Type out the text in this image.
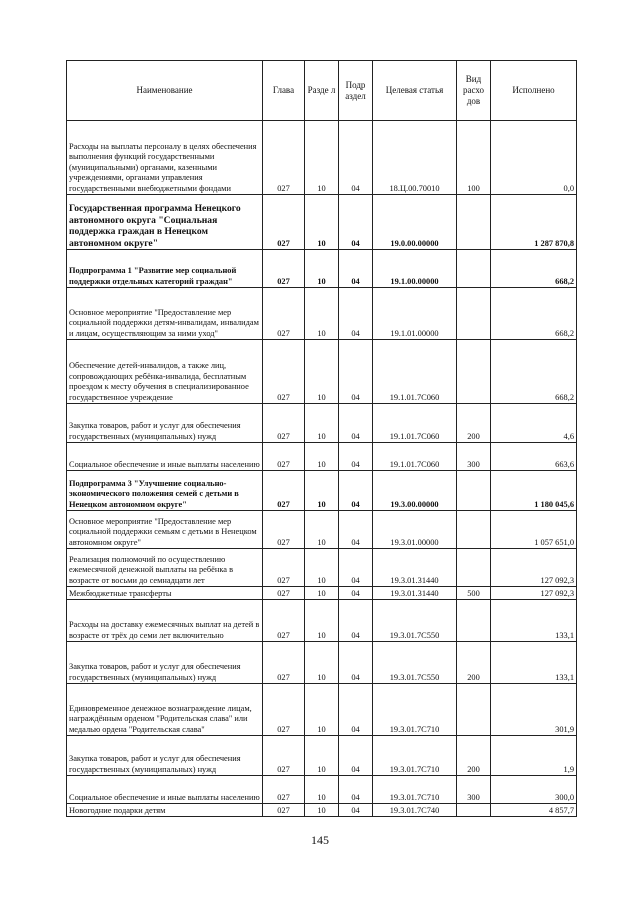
Наименование	Глава	Разде л	Подр аздел	Целевая статья	Вид расхо дов	Исполнено
Расходы на выплаты персоналу в целях обеспечения выполнения функций государственными (муниципальными) органами, казенными учреждениями, органами управления государственными внебюджетными фондами	027	10	04	18.Ц.00.70010	100	0,0
Государственная программа Ненецкого автономного округа "Социальная поддержка граждан в Ненецком автономном округе"	027	10	04	19.0.00.00000		1 287 870,8
Подпрограмма 1 "Развитие мер социальной поддержки отдельных категорий граждан"	027	10	04	19.1.00.00000		668,2
Основное мероприятие "Предоставление мер социальной поддержки детям-инвалидам, инвалидам и лицам, осуществляющим за ними уход"	027	10	04	19.1.01.00000		668,2
Обеспечение детей-инвалидов, а также лиц, сопровождающих ребёнка-инвалида, бесплатным проездом к месту обучения в специализированное государственное учреждение	027	10	04	19.1.01.7С060		668,2
Закупка товаров, работ и услуг для обеспечения государственных (муниципальных) нужд	027	10	04	19.1.01.7С060	200	4,6
Социальное обеспечение и иные выплаты населению	027	10	04	19.1.01.7С060	300	663,6
Подпрограмма 3 "Улучшение социально-экономического положения семей с детьми в Ненецком автономном округе"	027	10	04	19.3.00.00000		1 180 045,6
Основное мероприятие "Предоставление мер социальной поддержки семьям с детьми в Ненецком автономном округе"	027	10	04	19.3.01.00000		1 057 651,0
Реализация полномочий по осуществлению ежемесячной денежной выплаты на ребёнка в возрасте от восьми до семнадцати лет	027	10	04	19.3.01.31440		127 092,3
Межбюджетные трансферты	027	10	04	19.3.01.31440	500	127 092,3
Расходы на доставку ежемесячных выплат на детей в возрасте от трёх до семи лет включительно	027	10	04	19.3.01.7С550		133,1
Закупка товаров, работ и услуг для обеспечения государственных (муниципальных) нужд	027	10	04	19.3.01.7С550	200	133,1
Единовременное денежное вознаграждение лицам, награждённым орденом "Родительская слава" или медалью ордена "Родительская слава"	027	10	04	19.3.01.7С710		301,9
Закупка товаров, работ и услуг для обеспечения государственных (муниципальных) нужд	027	10	04	19.3.01.7С710	200	1,9
Социальное обеспечение и иные выплаты населению	027	10	04	19.3.01.7С710	300	300,0
Новогодние подарки детям	027	10	04	19.3.01.7С740		4 857,7
145
